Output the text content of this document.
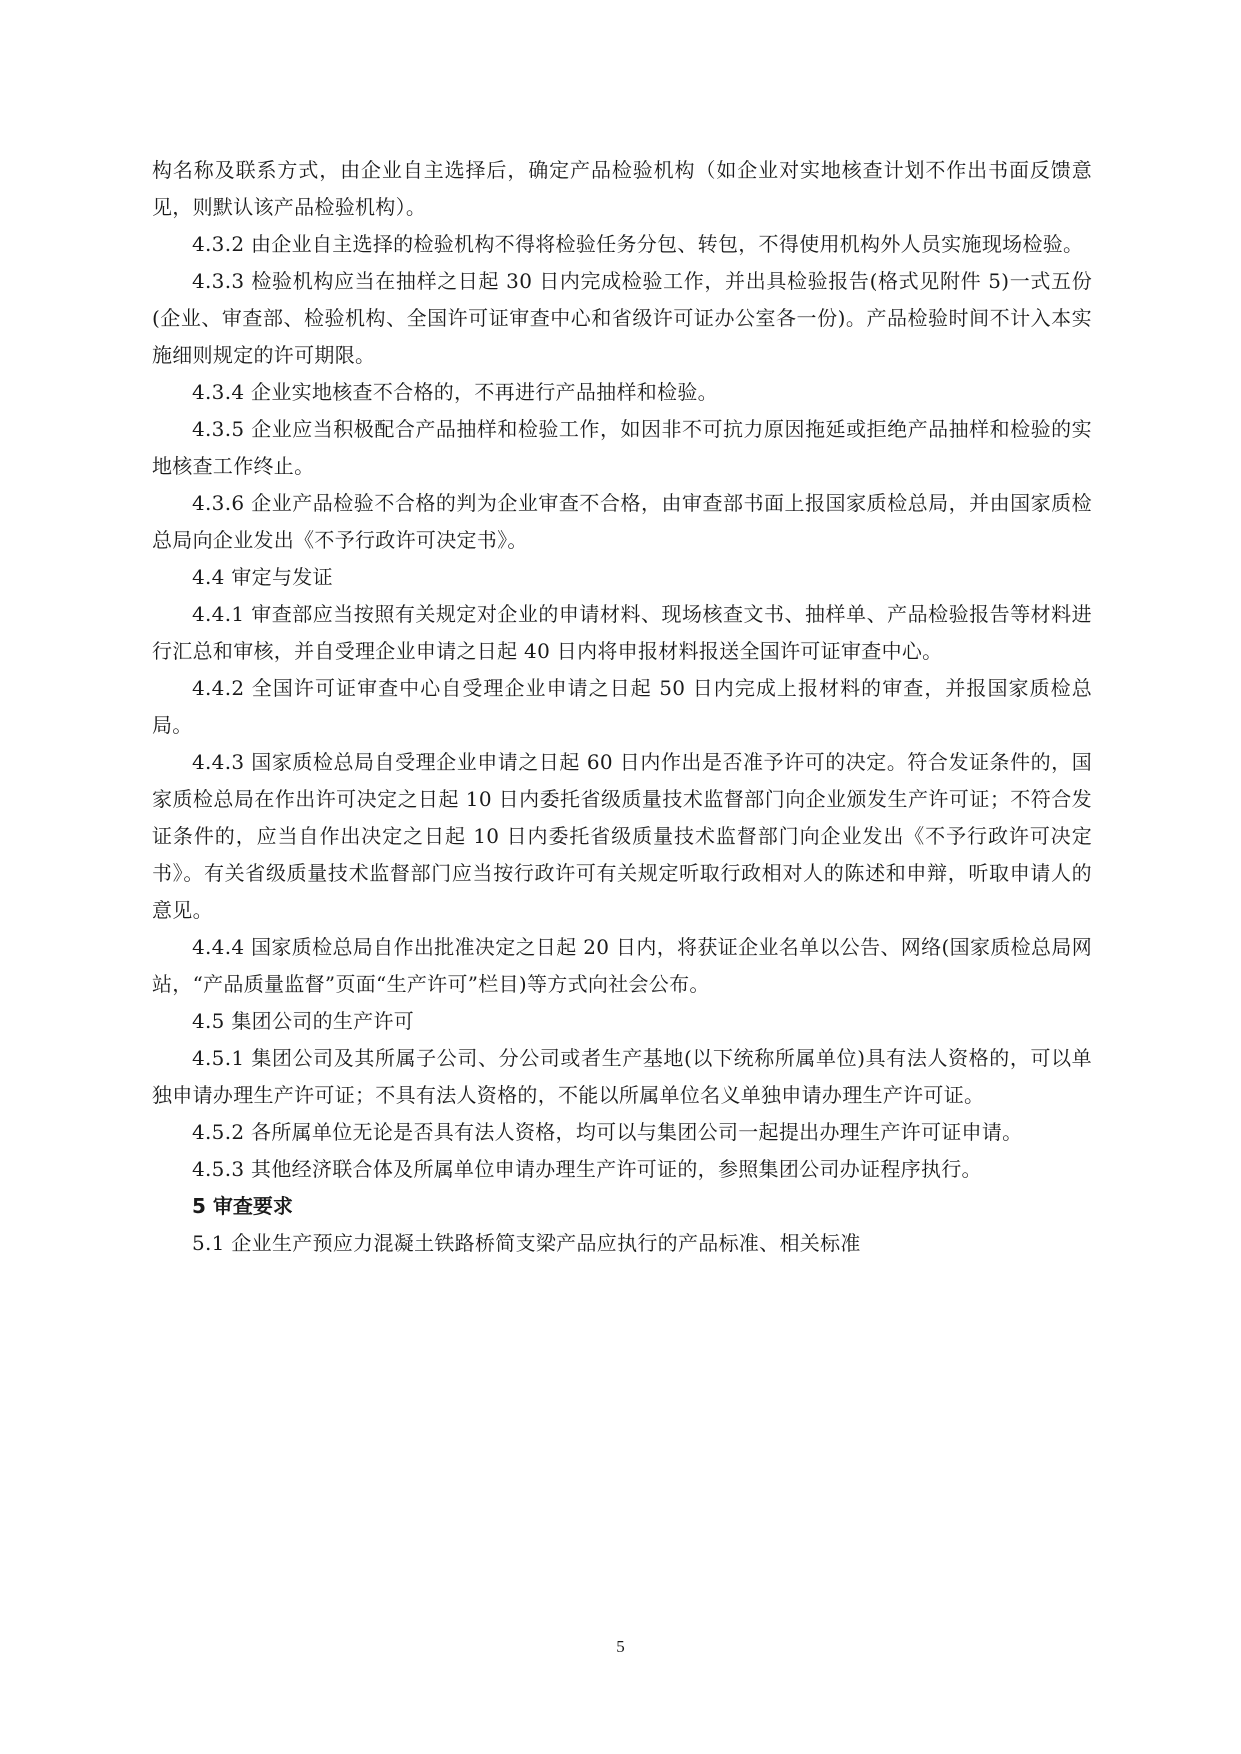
构名称及联系方式，由企业自主选择后，确定产品检验机构（如企业对实地核查计划不作出书面反馈意见，则默认该产品检验机构）。

4.3.2 由企业自主选择的检验机构不得将检验任务分包、转包，不得使用机构外人员实施现场检验。

4.3.3 检验机构应当在抽样之日起 30 日内完成检验工作，并出具检验报告(格式见附件 5)一式五份(企业、审查部、检验机构、全国许可证审查中心和省级许可证办公室各一份)。产品检验时间不计入本实施细则规定的许可期限。

4.3.4 企业实地核查不合格的，不再进行产品抽样和检验。

4.3.5 企业应当积极配合产品抽样和检验工作，如因非不可抗力原因拖延或拒绝产品抽样和检验的实地核查工作终止。

4.3.6 企业产品检验不合格的判为企业审查不合格，由审查部书面上报国家质检总局，并由国家质检总局向企业发出《不予行政许可决定书》。

4.4 审定与发证

4.4.1 审查部应当按照有关规定对企业的申请材料、现场核查文书、抽样单、产品检验报告等材料进行汇总和审核，并自受理企业申请之日起 40 日内将申报材料报送全国许可证审查中心。

4.4.2 全国许可证审查中心自受理企业申请之日起 50 日内完成上报材料的审查，并报国家质检总局。

4.4.3 国家质检总局自受理企业申请之日起 60 日内作出是否准予许可的决定。符合发证条件的，国家质检总局在作出许可决定之日起 10 日内委托省级质量技术监督部门向企业颁发生产许可证；不符合发证条件的，应当自作出决定之日起 10 日内委托省级质量技术监督部门向企业发出《不予行政许可决定书》。有关省级质量技术监督部门应当按行政许可有关规定听取行政相对人的陈述和申辩，听取申请人的意见。

4.4.4 国家质检总局自作出批准决定之日起 20 日内，将获证企业名单以公告、网络(国家质检总局网站，“产品质量监督”页面“生产许可”栏目)等方式向社会公布。

4.5 集团公司的生产许可

4.5.1 集团公司及其所属子公司、分公司或者生产基地(以下统称所属单位)具有法人资格的，可以单独申请办理生产许可证；不具有法人资格的，不能以所属单位名义单独申请办理生产许可证。

4.5.2 各所属单位无论是否具有法人资格，均可以与集团公司一起提出办理生产许可证申请。

4.5.3 其他经济联合体及所属单位申请办理生产许可证的，参照集团公司办证程序执行。

5 审查要求

5.1 企业生产预应力混凝土铁路桥简支梁产品应执行的产品标准、相关标准

5
